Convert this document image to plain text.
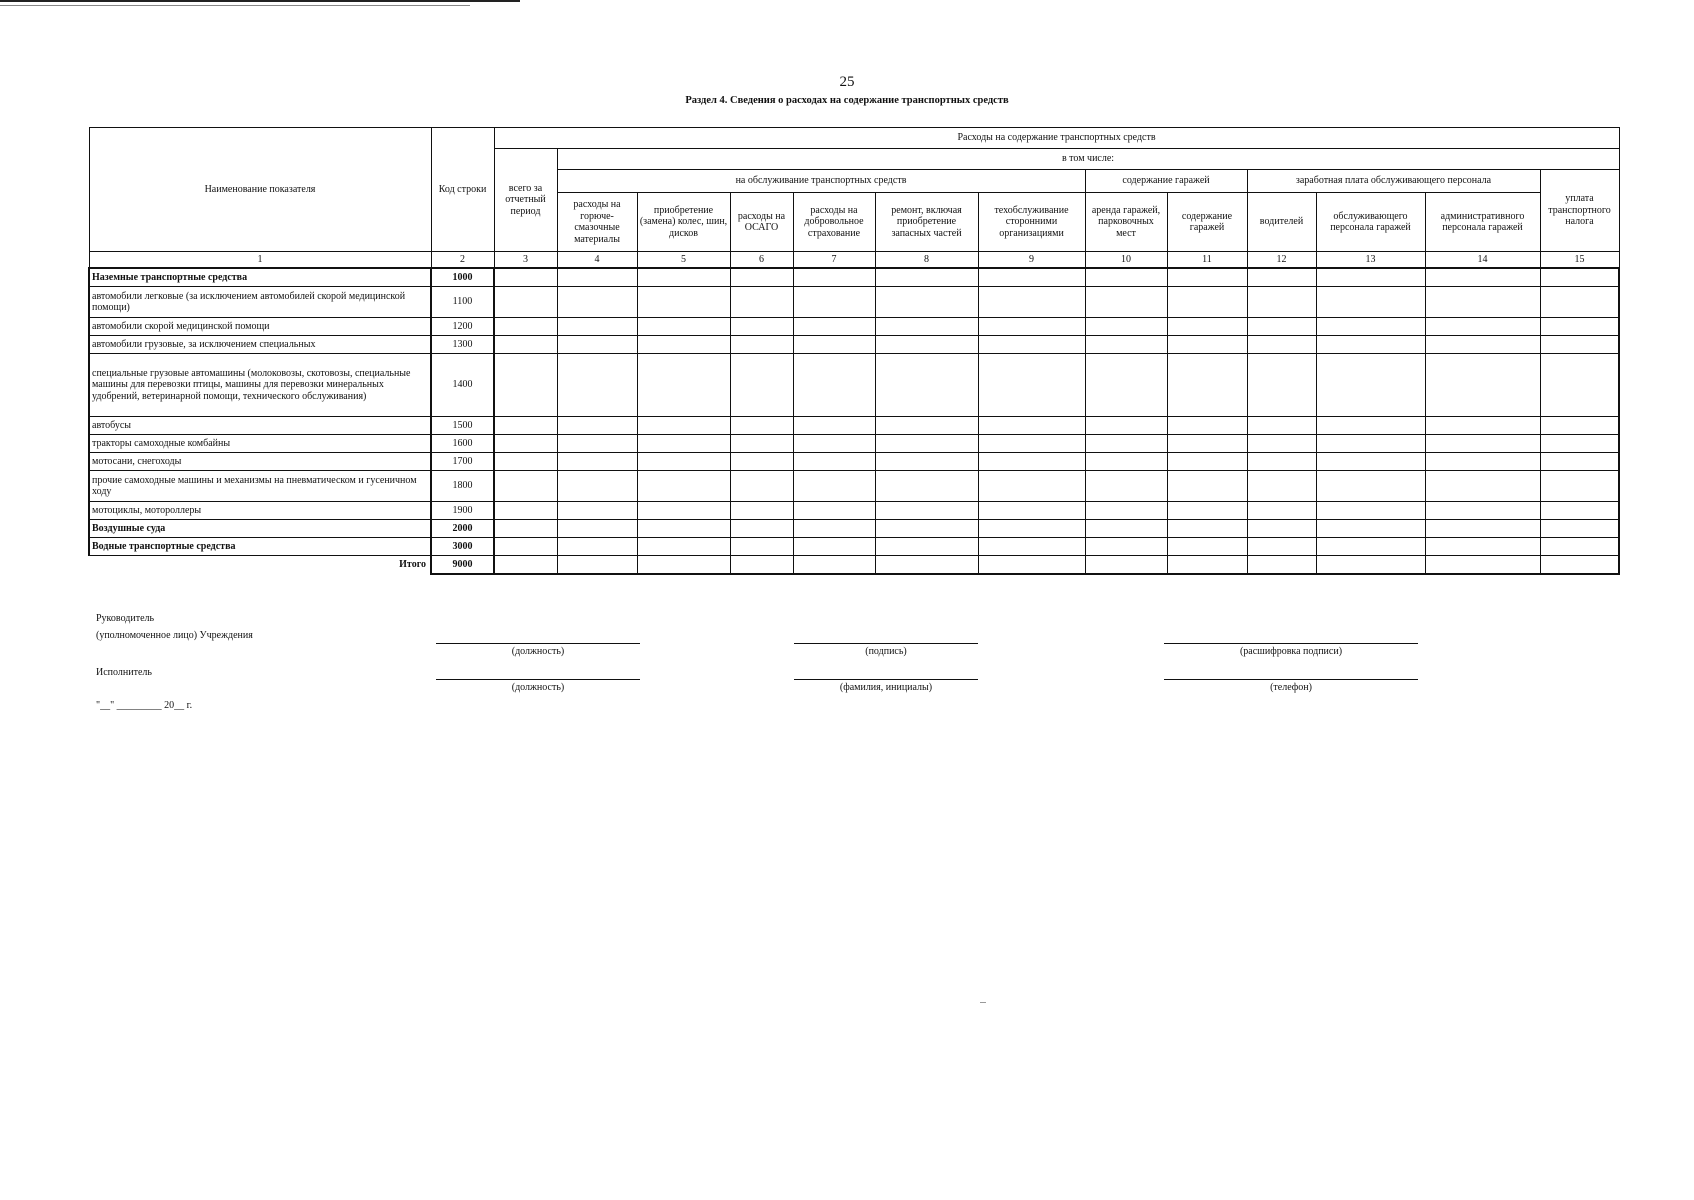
25
Раздел 4. Сведения о расходах на содержание транспортных средств
Наименование показателя	Код строки	Расходы на содержание транспортных средств												
		всего за отчетный период	в том числе:											
			на обслуживание транспортных средств						содержание гаражей		заработная плата обслуживающего персонала			уплата транспортного налога
			расходы на горюче-смазочные материалы	приобретение (замена) колес, шин, дисков	расходы на ОСАГО	расходы на добровольное страхование	ремонт, включая приобретение запасных частей	техобслуживание сторонними организациями	аренда гаражей, парковочных мест	содержание гаражей	водителей	обслуживающего персонала гаражей	административного персонала гаражей	
1	2	3	4	5	6	7	8	9	10	11	12	13	14	15
Наземные транспортные средства	1000													
автомобили легковые (за исключением автомобилей скорой медицинской помощи)	1100													
автомобили скорой медицинской помощи	1200													
автомобили грузовые, за исключением специальных	1300													
специальные грузовые автомашины (молоковозы, скотовозы, специальные машины для перевозки птицы, машины для перевозки минеральных удобрений, ветеринарной помощи, технического обслуживания)	1400													
автобусы	1500													
тракторы самоходные комбайны	1600													
мотосани, снегоходы	1700													
прочие самоходные машины и механизмы на пневматическом и гусеничном ходу	1800													
мотоциклы, мотороллеры	1900													
Воздушные суда	2000													
Водные транспортные средства	3000													
Итого	9000													
Руководитель
(уполномоченное лицо) Учреждения
(должность)	(подпись)	(расшифровка подписи)
Исполнитель
(должность)	(фамилия, инициалы)	(телефон)
"__" _________ 20__ г.
